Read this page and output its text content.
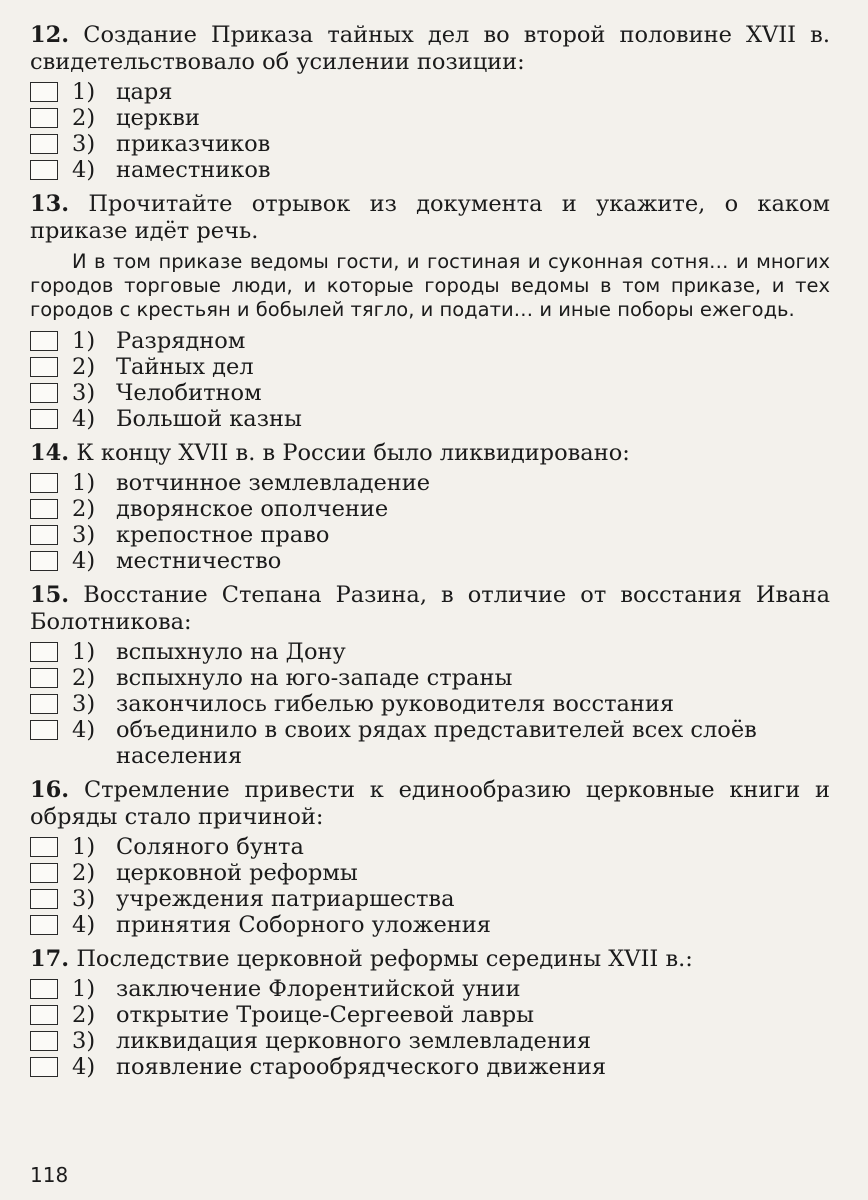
12. Создание Приказа тайных дел во второй половине XVII в. свидетельствовало об усилении позиции:

1) царя
2) церкви
3) приказчиков
4) наместников

13. Прочитайте отрывок из документа и укажите, о каком приказе идёт речь.

И в том приказе ведомы гости, и гостиная и суконная сотня… и многих городов торговые люди, и которые городы ведомы в том приказе, и тех городов с крестьян и бобылей тягло, и подати… и иные поборы ежегодь.

1) Разрядном
2) Тайных дел
3) Челобитном
4) Большой казны

14. К концу XVII в. в России было ликвидировано:

1) вотчинное землевладение
2) дворянское ополчение
3) крепостное право
4) местничество

15. Восстание Степана Разина, в отличие от восстания Ивана Болотникова:

1) вспыхнуло на Дону
2) вспыхнуло на юго-западе страны
3) закончилось гибелью руководителя восстания
4) объединило в своих рядах представителей всех слоёв населения

16. Стремление привести к единообразию церковные книги и обряды стало причиной:

1) Соляного бунта
2) церковной реформы
3) учреждения патриаршества
4) принятия Соборного уложения

17. Последствие церковной реформы середины XVII в.:

1) заключение Флорентийской унии
2) открытие Троице-Сергеевой лавры
3) ликвидация церковного землевладения
4) появление старообрядческого движения
118
